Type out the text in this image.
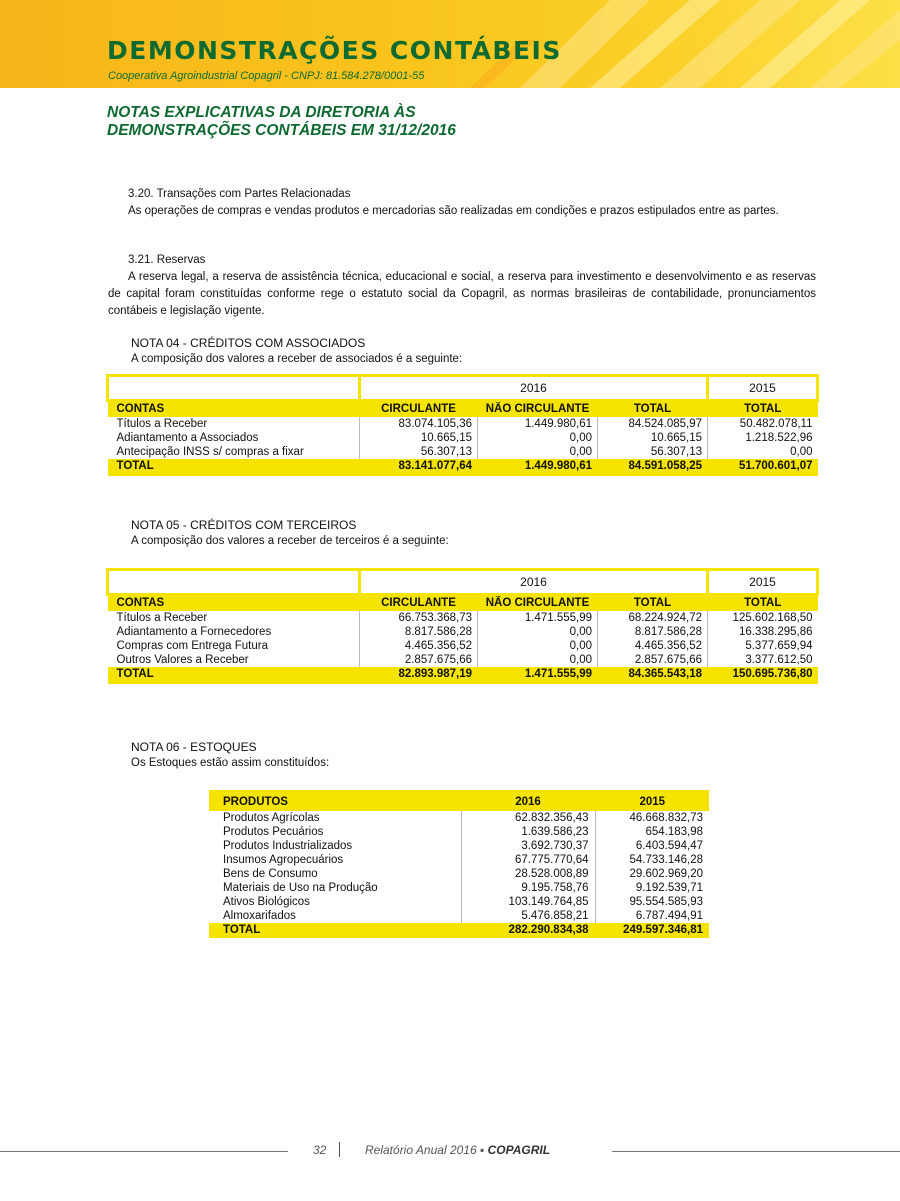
DEMONSTRAÇÕES CONTÁBEIS
Cooperativa Agroindustrial Copagril - CNPJ: 81.584.278/0001-55
NOTAS EXPLICATIVAS DA DIRETORIA ÀS
DEMONSTRAÇÕES CONTÁBEIS EM 31/12/2016
3.20. Transações com Partes Relacionadas
As operações de compras e vendas produtos e mercadorias são realizadas em condições e prazos estipulados entre as partes.
3.21. Reservas
A reserva legal, a reserva de assistência técnica, educacional e social, a reserva para investimento e desenvolvimento e as reservas de capital foram constituídas conforme rege o estatuto social da Copagril, as normas brasileiras de contabilidade, pronunciamentos contábeis e legislação vigente.
NOTA 04 - CRÉDITOS COM ASSOCIADOS
A composição dos valores a receber de associados é a seguinte:
	2016			2015
CONTAS	CIRCULANTE	NÃO CIRCULANTE	TOTAL	TOTAL
Títulos a Receber	83.074.105,36	1.449.980,61	84.524.085,97	50.482.078,11
Adiantamento a Associados	10.665,15	0,00	10.665,15	1.218.522,96
Antecipação INSS s/ compras a fixar	56.307,13	0,00	56.307,13	0,00
TOTAL	83.141.077,64	1.449.980,61	84.591.058,25	51.700.601,07
NOTA 05 - CRÉDITOS COM TERCEIROS
A composição dos valores a receber de terceiros é a seguinte:
	2016			2015
CONTAS	CIRCULANTE	NÃO CIRCULANTE	TOTAL	TOTAL
Títulos a Receber	66.753.368,73	1.471.555,99	68.224.924,72	125.602.168,50
Adiantamento a Fornecedores	8.817.586,28	0,00	8.817.586,28	16.338.295,86
Compras com Entrega Futura	4.465.356,52	0,00	4.465.356,52	5.377.659,94
Outros Valores a Receber	2.857.675,66	0,00	2.857.675,66	3.377.612,50
TOTAL	82.893.987,19	1.471.555,99	84.365.543,18	150.695.736,80
NOTA 06 - ESTOQUES
Os Estoques estão assim constituídos:
PRODUTOS	2016	2015
Produtos Agrícolas	62.832.356,43	46.668.832,73
Produtos Pecuários	1.639.586,23	654.183,98
Produtos Industrializados	3.692.730,37	6.403.594,47
Insumos Agropecuários	67.775.770,64	54.733.146,28
Bens de Consumo	28.528.008,89	29.602.969,20
Materiais de Uso na Produção	9.195.758,76	9.192.539,71
Ativos Biológicos	103.149.764,85	95.554.585,93
Almoxarifados	5.476.858,21	6.787.494,91
TOTAL	282.290.834,38	249.597.346,81
32	Relatório Anual 2016 ▪ COPAGRIL
